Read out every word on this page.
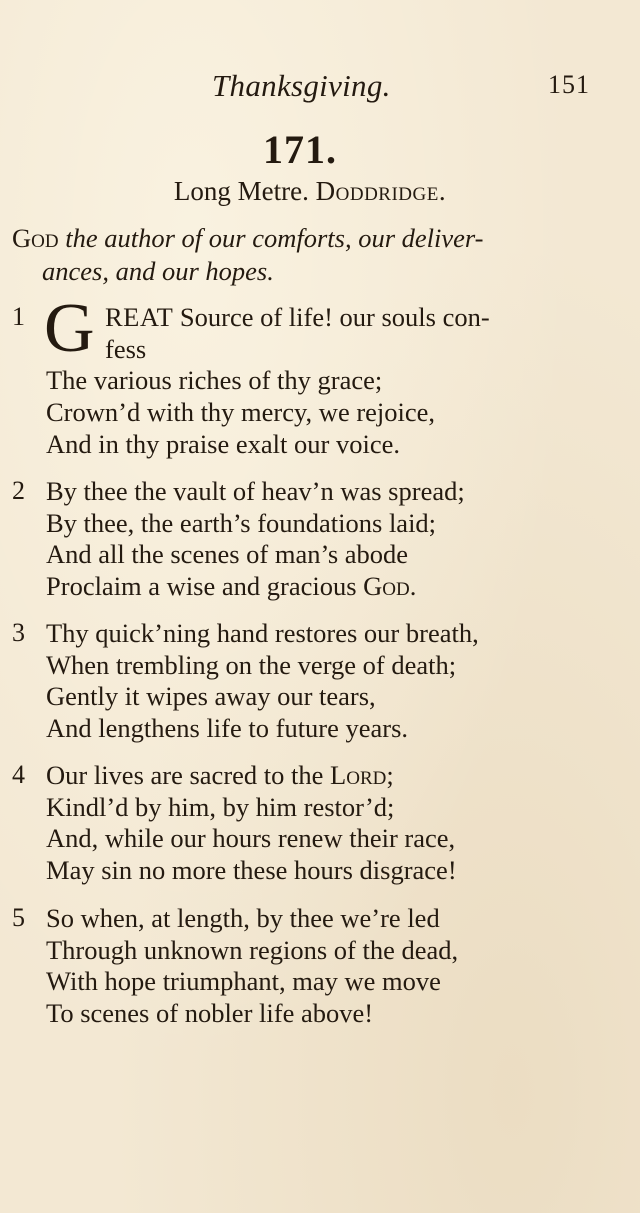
Thanksgiving.	151
171.
Long Metre. Doddridge.
God the author of our comforts, our deliver-
ances, and our hopes.
1 G REAT Source of life! our souls con-
fess
The various riches of thy grace;
Crown’d with thy mercy, we rejoice,
And in thy praise exalt our voice.
2 By thee the vault of heav’n was spread;
By thee, the earth’s foundations laid;
And all the scenes of man’s abode
Proclaim a wise and gracious God.
3 Thy quick’ning hand restores our breath,
When trembling on the verge of death;
Gently it wipes away our tears,
And lengthens life to future years.
4 Our lives are sacred to the Lord;
Kindl’d by him, by him restor’d;
And, while our hours renew their race,
May sin no more these hours disgrace!
5 So when, at length, by thee we’re led
Through unknown regions of the dead,
With hope triumphant, may we move
To scenes of nobler life above!
